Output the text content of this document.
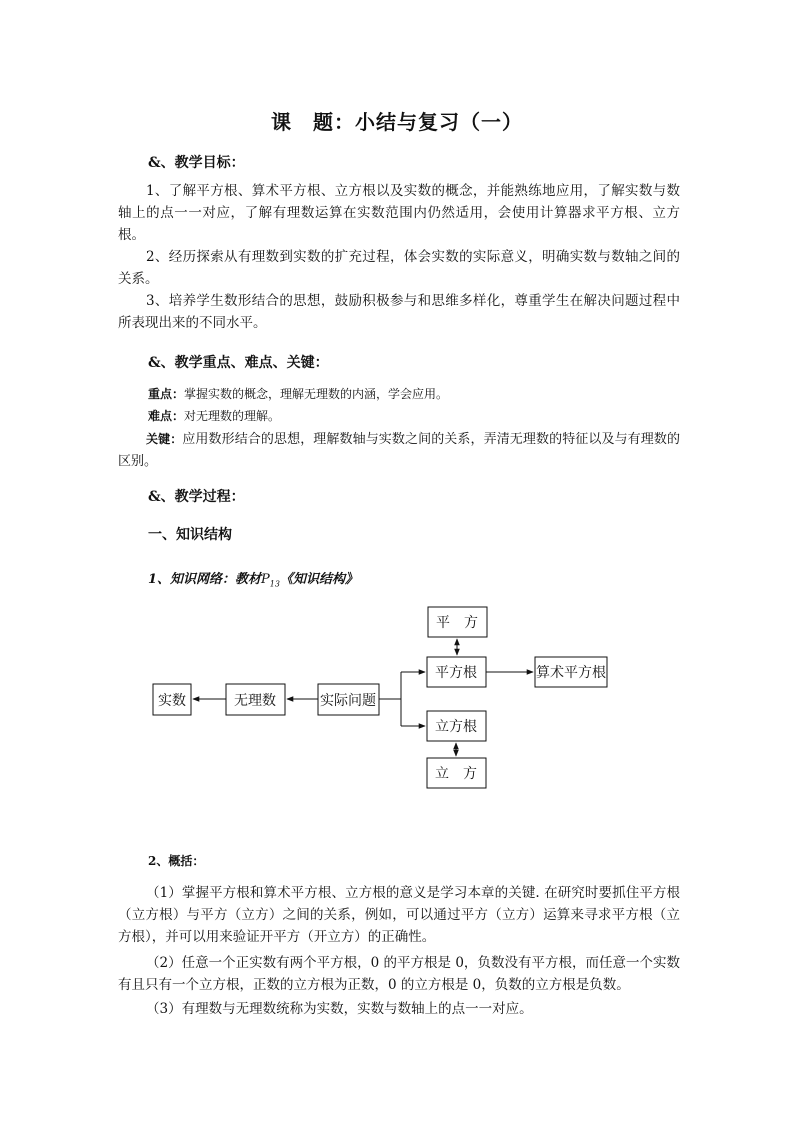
课　题：小结与复习（一）
&、教学目标：

1、了解平方根、算术平方根、立方根以及实数的概念，并能熟练地应用，了解实数与数轴上的点一一对应，了解有理数运算在实数范围内仍然适用，会使用计算器求平方根、立方根。

2、经历探索从有理数到实数的扩充过程，体会实数的实际意义，明确实数与数轴之间的关系。

3、培养学生数形结合的思想，鼓励积极参与和思维多样化，尊重学生在解决问题过程中所表现出来的不同水平。

&、教学重点、难点、关键：
重点：掌握实数的概念，理解无理数的内涵，学会应用。
难点：对无理数的理解。

关键：应用数形结合的思想，理解数轴与实数之间的关系，弄清无理数的特征以及与有理数的区别。

&、教学过程：
一、知识结构
1、知识网络：教材$P_{13}$《知识结构》
平　方
平方根	算术平方根
实数	无理数	实际问题
立方根
立　方
2、概括：

（1）掌握平方根和算术平方根、立方根的意义是学习本章的关键. 在研究时要抓住平方根（立方根）与平方（立方）之间的关系，例如，可以通过平方（立方）运算来寻求平方根（立方根），并可以用来验证开平方（开立方）的正确性。

（2）任意一个正实数有两个平方根，0 的平方根是 0，负数没有平方根，而任意一个实数有且只有一个立方根，正数的立方根为正数，0 的立方根是 0，负数的立方根是负数。

（3）有理数与无理数统称为实数，实数与数轴上的点一一对应。
